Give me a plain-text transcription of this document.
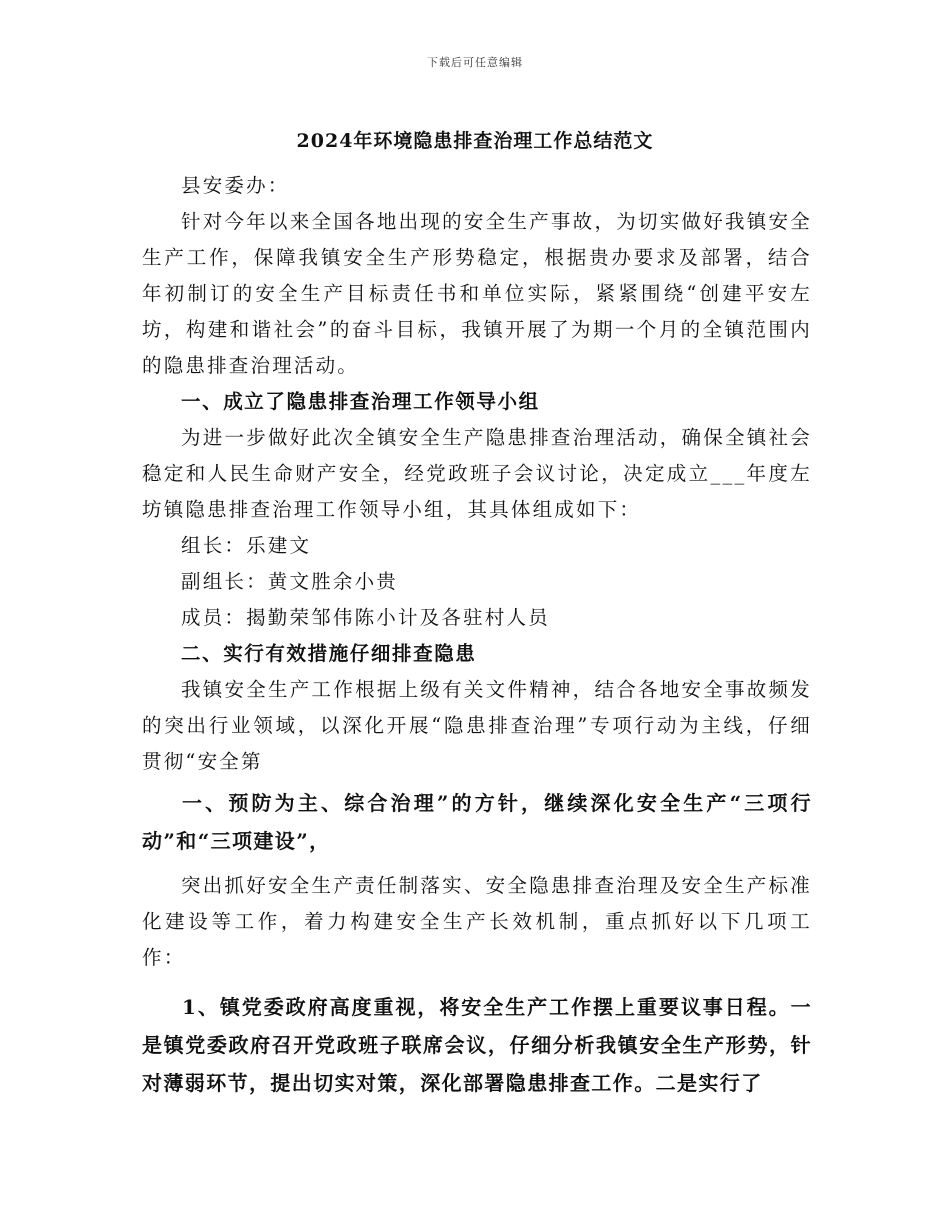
下载后可任意编辑
2024年环境隐患排查治理工作总结范文

县安委办：

针对今年以来全国各地出现的安全生产事故，为切实做好我镇安全生产工作，保障我镇安全生产形势稳定，根据贵办要求及部署，结合年初制订的安全生产目标责任书和单位实际，紧紧围绕“创建平安左坊，构建和谐社会”的奋斗目标，我镇开展了为期一个月的全镇范围内的隐患排查治理活动。

一、成立了隐患排查治理工作领导小组

为进一步做好此次全镇安全生产隐患排查治理活动，确保全镇社会稳定和人民生命财产安全，经党政班子会议讨论，决定成立___年度左坊镇隐患排查治理工作领导小组，其具体组成如下：

组长：乐建文

副组长：黄文胜余小贵

成员：揭勤荣邹伟陈小计及各驻村人员

二、实行有效措施仔细排查隐患

我镇安全生产工作根据上级有关文件精神，结合各地安全事故频发的突出行业领域，以深化开展“隐患排查治理”专项行动为主线，仔细贯彻“安全第

一、预防为主、综合治理”的方针，继续深化安全生产“三项行动”和“三项建设”，

突出抓好安全生产责任制落实、安全隐患排查治理及安全生产标准化建设等工作，着力构建安全生产长效机制，重点抓好以下几项工作：

1、镇党委政府高度重视，将安全生产工作摆上重要议事日程。一是镇党委政府召开党政班子联席会议，仔细分析我镇安全生产形势，针对薄弱环节，提出切实对策，深化部署隐患排查工作。二是实行了
